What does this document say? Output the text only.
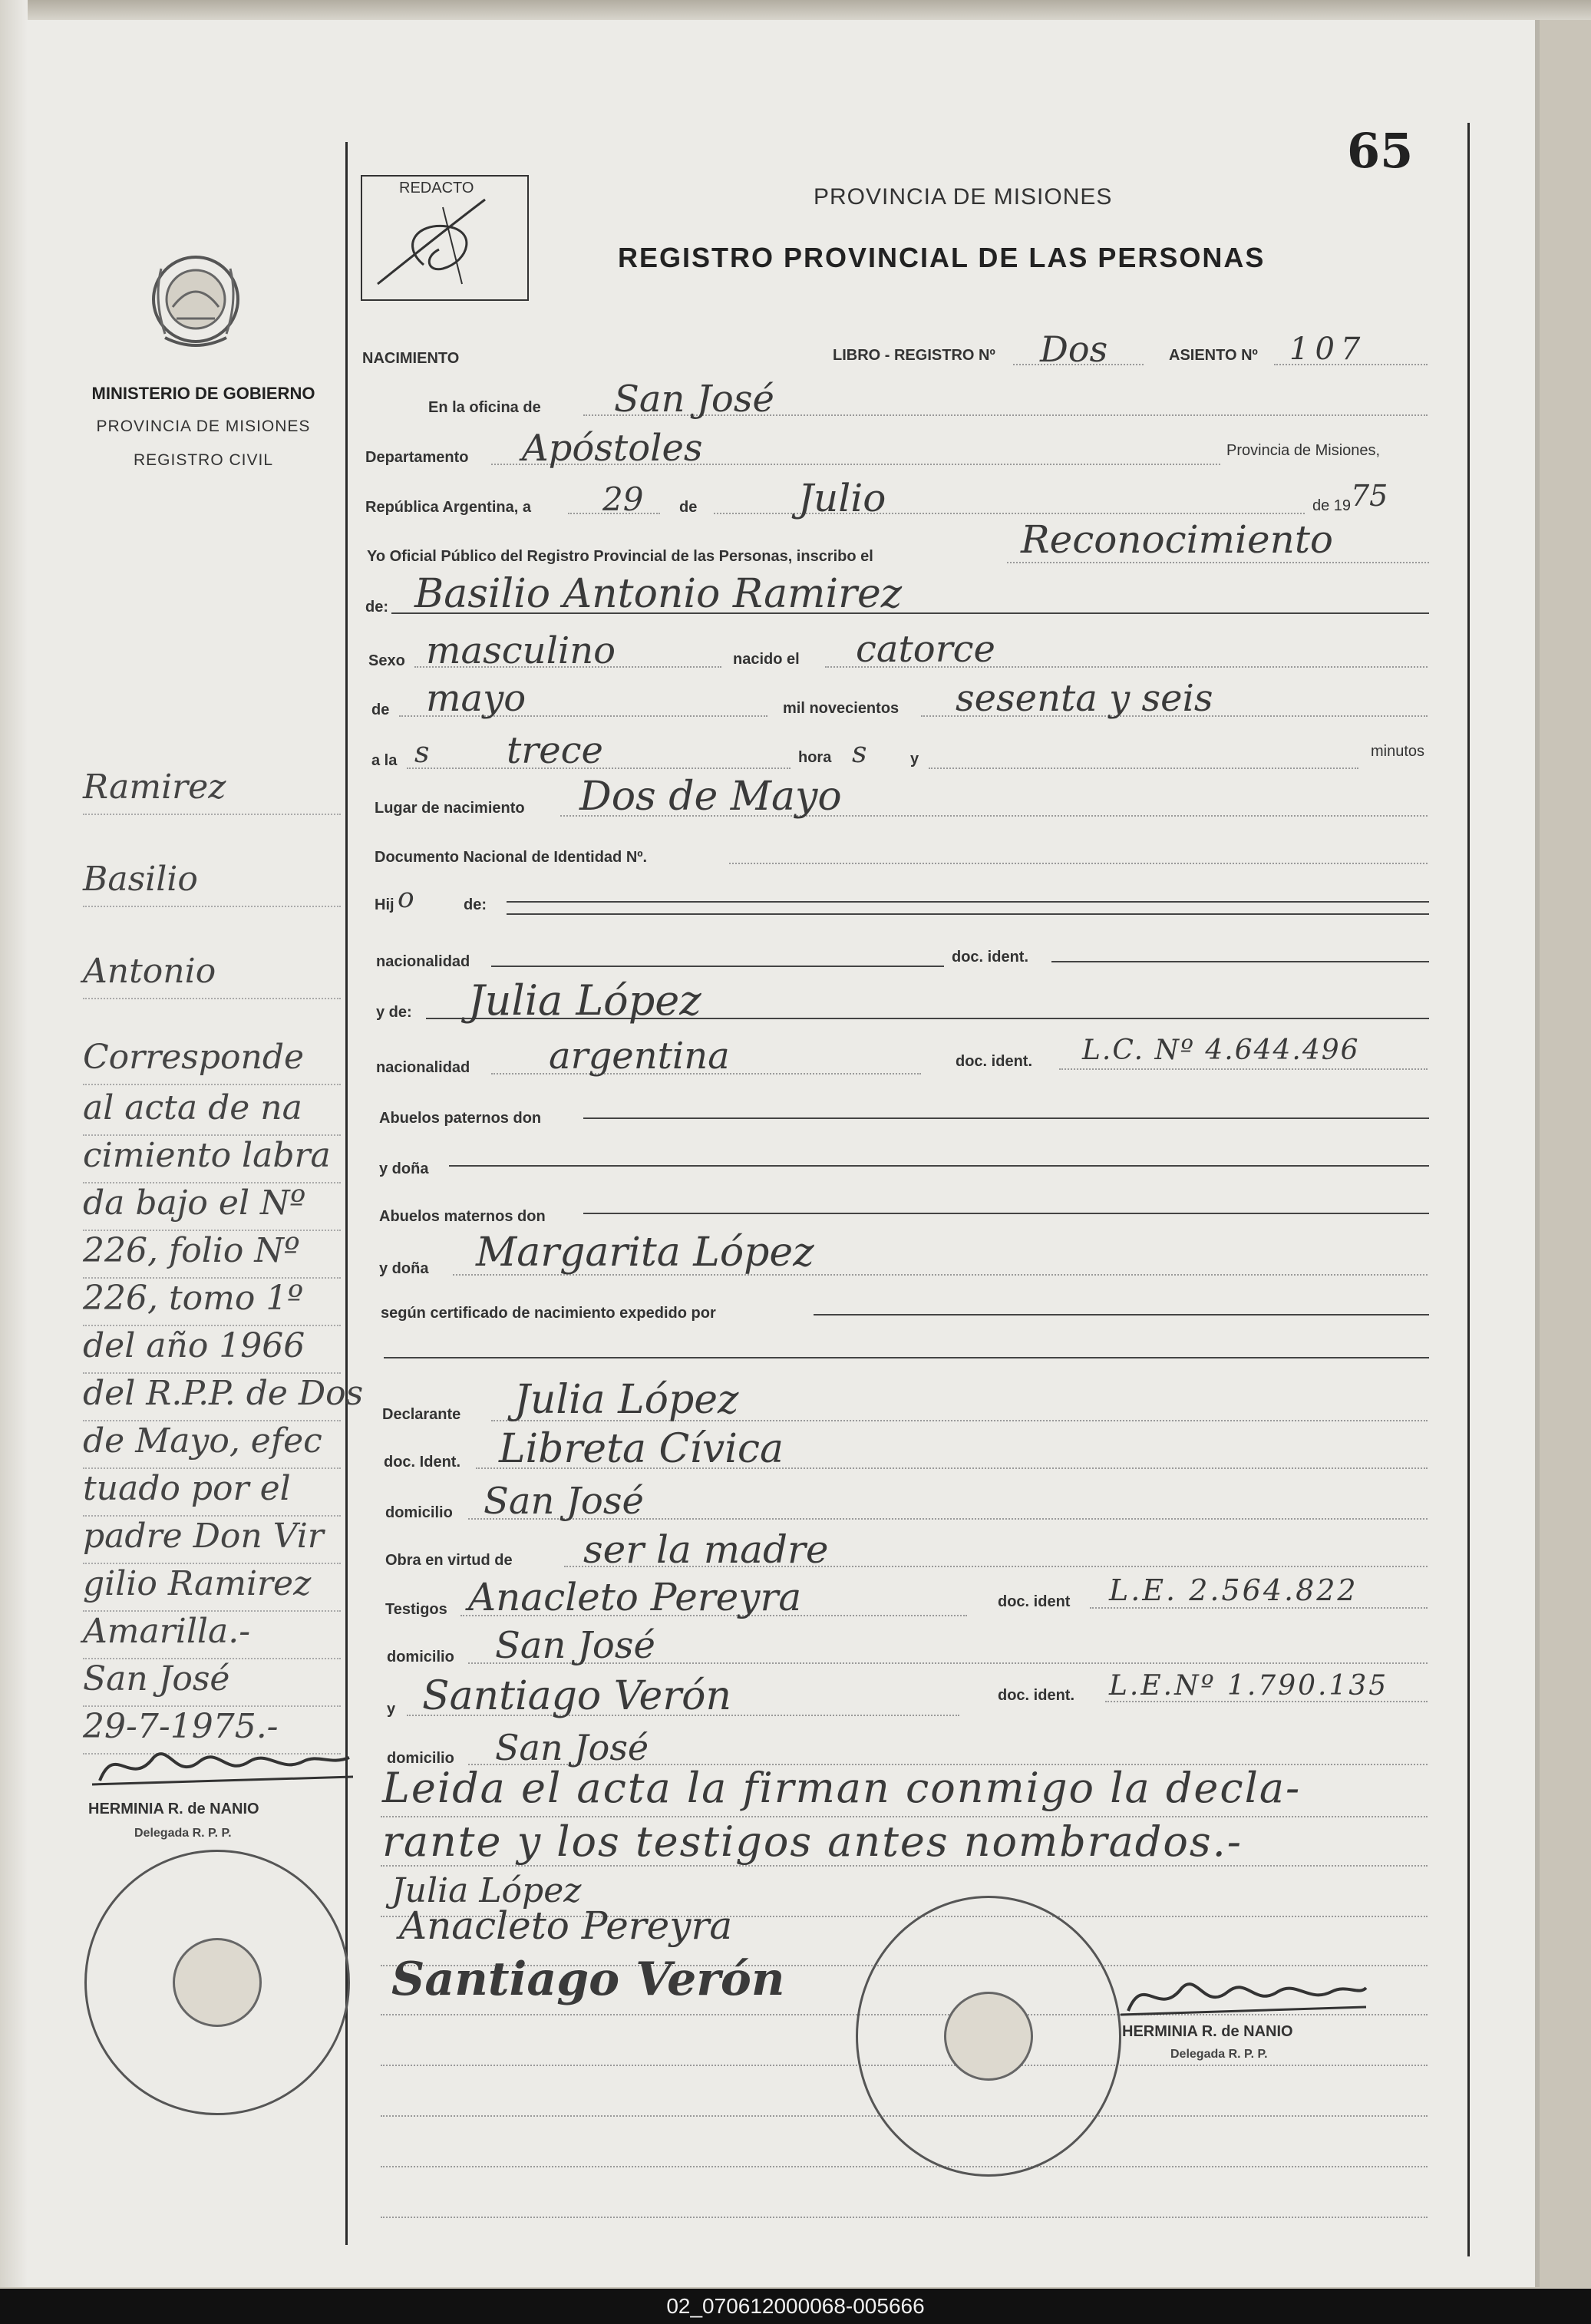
65
REDACTO	PROVINCIA DE MISIONES
REGISTRO PROVINCIAL DE LAS PERSONAS
MINISTERIO DE GOBIERNO
PROVINCIA DE MISIONES
REGISTRO CIVIL
NACIMIENTO	LIBRO - REGISTRO Nº Dos	ASIENTO Nº 107
En la oficina de San José
Departamento Apóstoles	Provincia de Misiones,
República Argentina, a 29 de	Julio	de 19 75
Yo Oficial Público del Registro Provincial de las Personas, inscribo el	Reconocimiento
de: Basilio Antonio Ramirez
Sexo masculino	nacido el catorce
de mayo	mil novecientos sesenta y seis
a la s trece	hora s	y	minutos
Lugar de nacimiento Dos de Mayo
Documento Nacional de Identidad Nº.
Hij o	de:
nacionalidad	doc. ident.
y de: Julia López
nacionalidad argentina	doc. ident. L.C. Nº 4.644.496
Abuelos paternos don
y doña
Abuelos maternos don
y doña Margarita López
según certificado de nacimiento expedido por
Declarante Julia López
doc. Ident. Libreta Cívica
domicilio San José
Obra en virtud de ser la madre
Testigos Anacleto Pereyra	doc. ident L.E. 2.564.822
domicilio San José
y Santiago Verón	doc. ident. L.E.Nº 1.790.135
domicilio San José
Leida el acta la firman conmigo la decla-
rante y los testigos antes nombrados.-
Julia López
Anacleto Pereyra
Santiago Verón
Ramirez
Basilio
Antonio
Corresponde
al acta de na
cimiento labra
da bajo el Nº
226, folio Nº
226, tomo 1º
del año 1966
del R.P.P. de Dos
de Mayo, efec
tuado por el
padre Don Vir
gilio Ramirez
Amarilla.-
San José
29-7-1975.-
HERMINIA R. de NANIO
Delegada R. P. P.
HERMINIA R. de NANIO
Delegada R. P. P.
02_070612000068-005666
